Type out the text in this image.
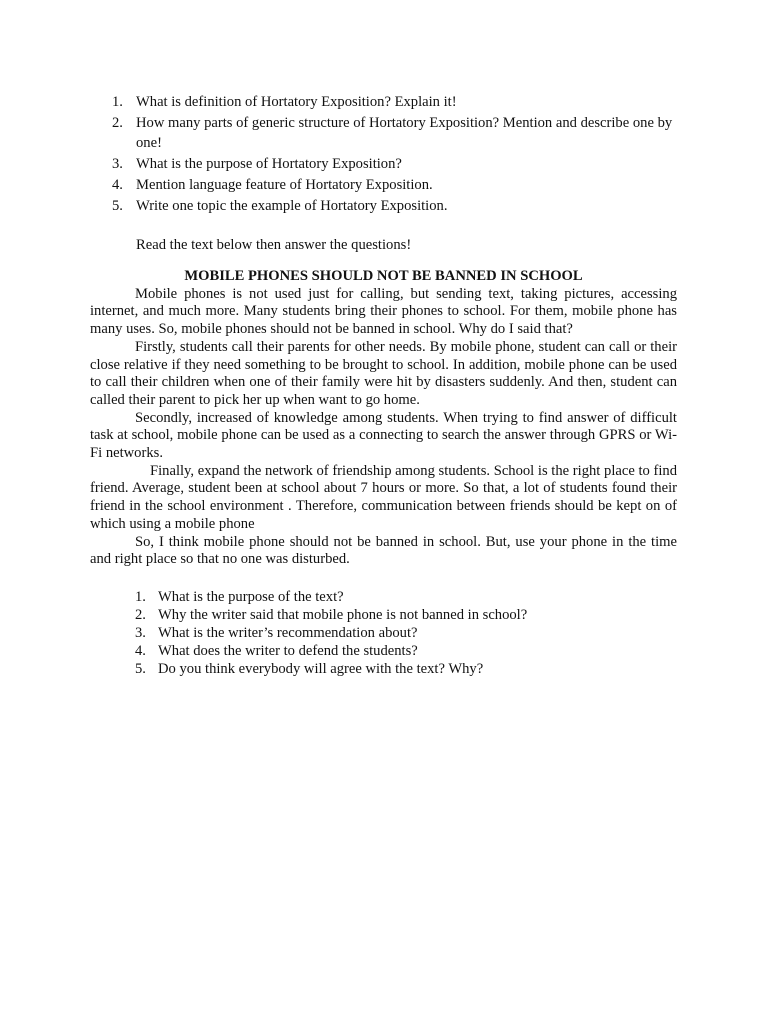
1. What is definition of Hortatory Exposition? Explain it!
2. How many parts of generic structure of Hortatory Exposition? Mention and describe one by one!
3. What is the purpose of Hortatory Exposition?
4. Mention language feature of Hortatory Exposition.
5. Write one topic the example of Hortatory Exposition.
Read the text below then answer the questions!
MOBILE PHONES SHOULD NOT BE BANNED IN SCHOOL

Mobile phones is not used just for calling, but sending text, taking pictures, accessing internet, and much more. Many students bring their phones to school. For them, mobile phone has many uses. So, mobile phones should not be banned in school. Why do I said that?

Firstly, students call their parents for other needs. By mobile phone, student can call or their close relative if they need something to be brought to school. In addition, mobile phone can be used to call their children when one of their family were hit by disasters suddenly. And then, student can called their parent to pick her up when want to go home.

Secondly, increased of knowledge among students. When trying to find answer of difficult task at school, mobile phone can be used as a connecting to search the answer through GPRS or Wi-Fi networks.

Finally, expand the network of friendship among students. School is the right place to find friend. Average, student been at school about 7 hours or more. So that, a lot of students found their friend in the school environment . Therefore, communication between friends should be kept on of which using a mobile phone

So, I think mobile phone should not be banned in school. But, use your phone in the time and right place so that no one was disturbed.

1. What is the purpose of the text?
2. Why the writer said that mobile phone is not banned in school?
3. What is the writer’s recommendation about?
4. What does the writer to defend the students?
5. Do you think everybody will agree with the text? Why?
